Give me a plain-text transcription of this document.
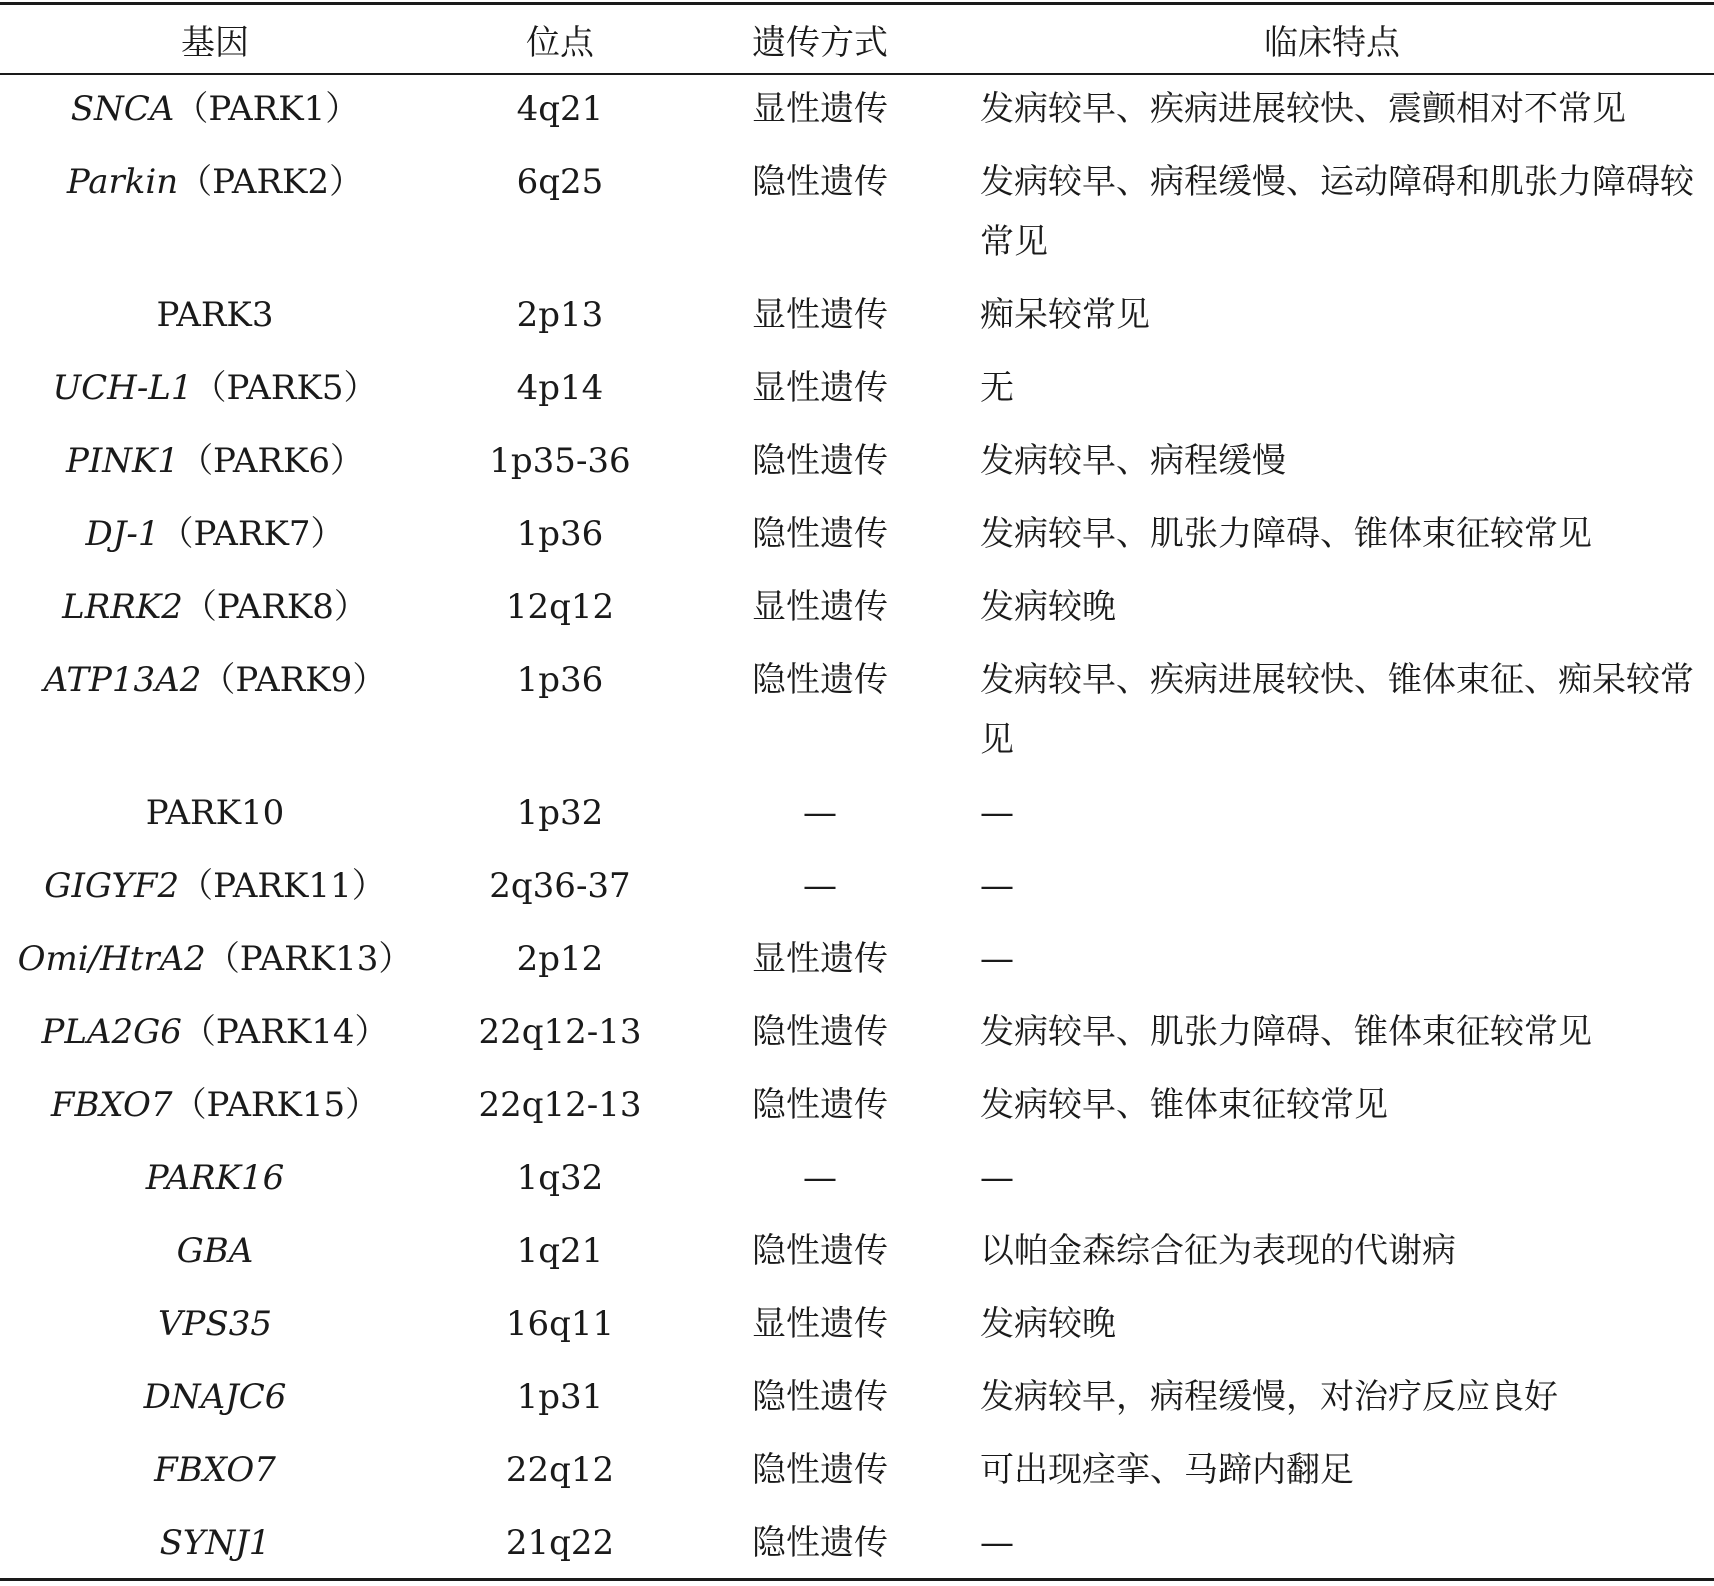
基因	位点	遗传方式	临床特点
SNCA（PARK1）	4q21	显性遗传	发病较早、疾病进展较快、震颤相对不常见
Parkin（PARK2）	6q25	隐性遗传	发病较早、病程缓慢、运动障碍和肌张力障碍较常见
PARK3	2p13	显性遗传	痴呆较常见
UCH-L1（PARK5）	4p14	显性遗传	无
PINK1（PARK6）	1p35-36	隐性遗传	发病较早、病程缓慢
DJ-1（PARK7）	1p36	隐性遗传	发病较早、肌张力障碍、锥体束征较常见
LRRK2（PARK8）	12q12	显性遗传	发病较晚
ATP13A2（PARK9）	1p36	隐性遗传	发病较早、疾病进展较快、锥体束征、痴呆较常见
PARK10	1p32	—	—
GIGYF2（PARK11）	2q36-37	—	—
Omi/HtrA2（PARK13）	2p12	显性遗传	—
PLA2G6（PARK14）	22q12-13	隐性遗传	发病较早、肌张力障碍、锥体束征较常见
FBXO7（PARK15）	22q12-13	隐性遗传	发病较早、锥体束征较常见
PARK16	1q32	—	—
GBA	1q21	隐性遗传	以帕金森综合征为表现的代谢病
VPS35	16q11	显性遗传	发病较晚
DNAJC6	1p31	隐性遗传	发病较早，病程缓慢，对治疗反应良好
FBXO7	22q12	隐性遗传	可出现痉挛、马蹄内翻足
SYNJ1	21q22	隐性遗传	—
